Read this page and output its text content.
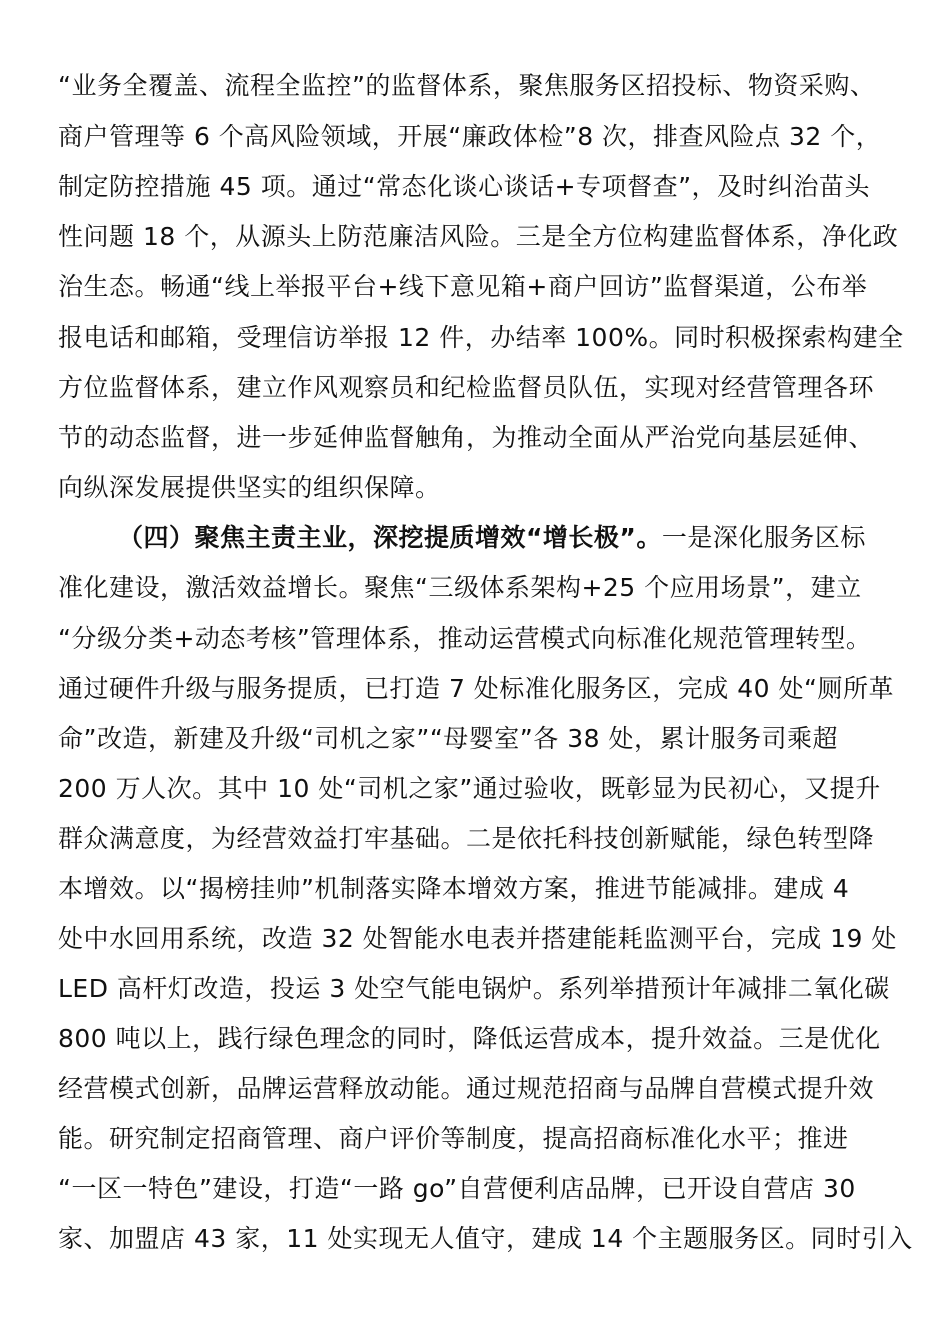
“业务全覆盖、流程全监控”的监督体系，聚焦服务区招投标、物资采购、
商户管理等 6 个高风险领域，开展“廉政体检”8 次，排查风险点 32 个，
制定防控措施 45 项。通过“常态化谈心谈话+专项督查”，及时纠治苗头
性问题 18 个，从源头上防范廉洁风险。三是全方位构建监督体系，净化政
治生态。畅通“线上举报平台+线下意见箱+商户回访”监督渠道，公布举
报电话和邮箱，受理信访举报 12 件，办结率 100%。同时积极探索构建全
方位监督体系，建立作风观察员和纪检监督员队伍，实现对经营管理各环
节的动态监督，进一步延伸监督触角，为推动全面从严治党向基层延伸、
向纵深发展提供坚实的组织保障。
（四）聚焦主责主业，深挖提质增效“增长极”。一是深化服务区标
准化建设，激活效益增长。聚焦“三级体系架构+25 个应用场景”，建立
“分级分类+动态考核”管理体系，推动运营模式向标准化规范管理转型。
通过硬件升级与服务提质，已打造 7 处标准化服务区，完成 40 处“厕所革
命”改造，新建及升级“司机之家”“母婴室”各 38 处，累计服务司乘超
200 万人次。其中 10 处“司机之家”通过验收，既彰显为民初心，又提升
群众满意度，为经营效益打牢基础。二是依托科技创新赋能，绿色转型降
本增效。以“揭榜挂帅”机制落实降本增效方案，推进节能减排。建成 4
处中水回用系统，改造 32 处智能水电表并搭建能耗监测平台，完成 19 处
LED 高杆灯改造，投运 3 处空气能电锅炉。系列举措预计年减排二氧化碳
800 吨以上，践行绿色理念的同时，降低运营成本，提升效益。三是优化
经营模式创新，品牌运营释放动能。通过规范招商与品牌自营模式提升效
能。研究制定招商管理、商户评价等制度，提高招商标准化水平；推进
“一区一特色”建设，打造“一路 go”自营便利店品牌，已开设自营店 30
家、加盟店 43 家，11 处实现无人值守，建成 14 个主题服务区。同时引入
